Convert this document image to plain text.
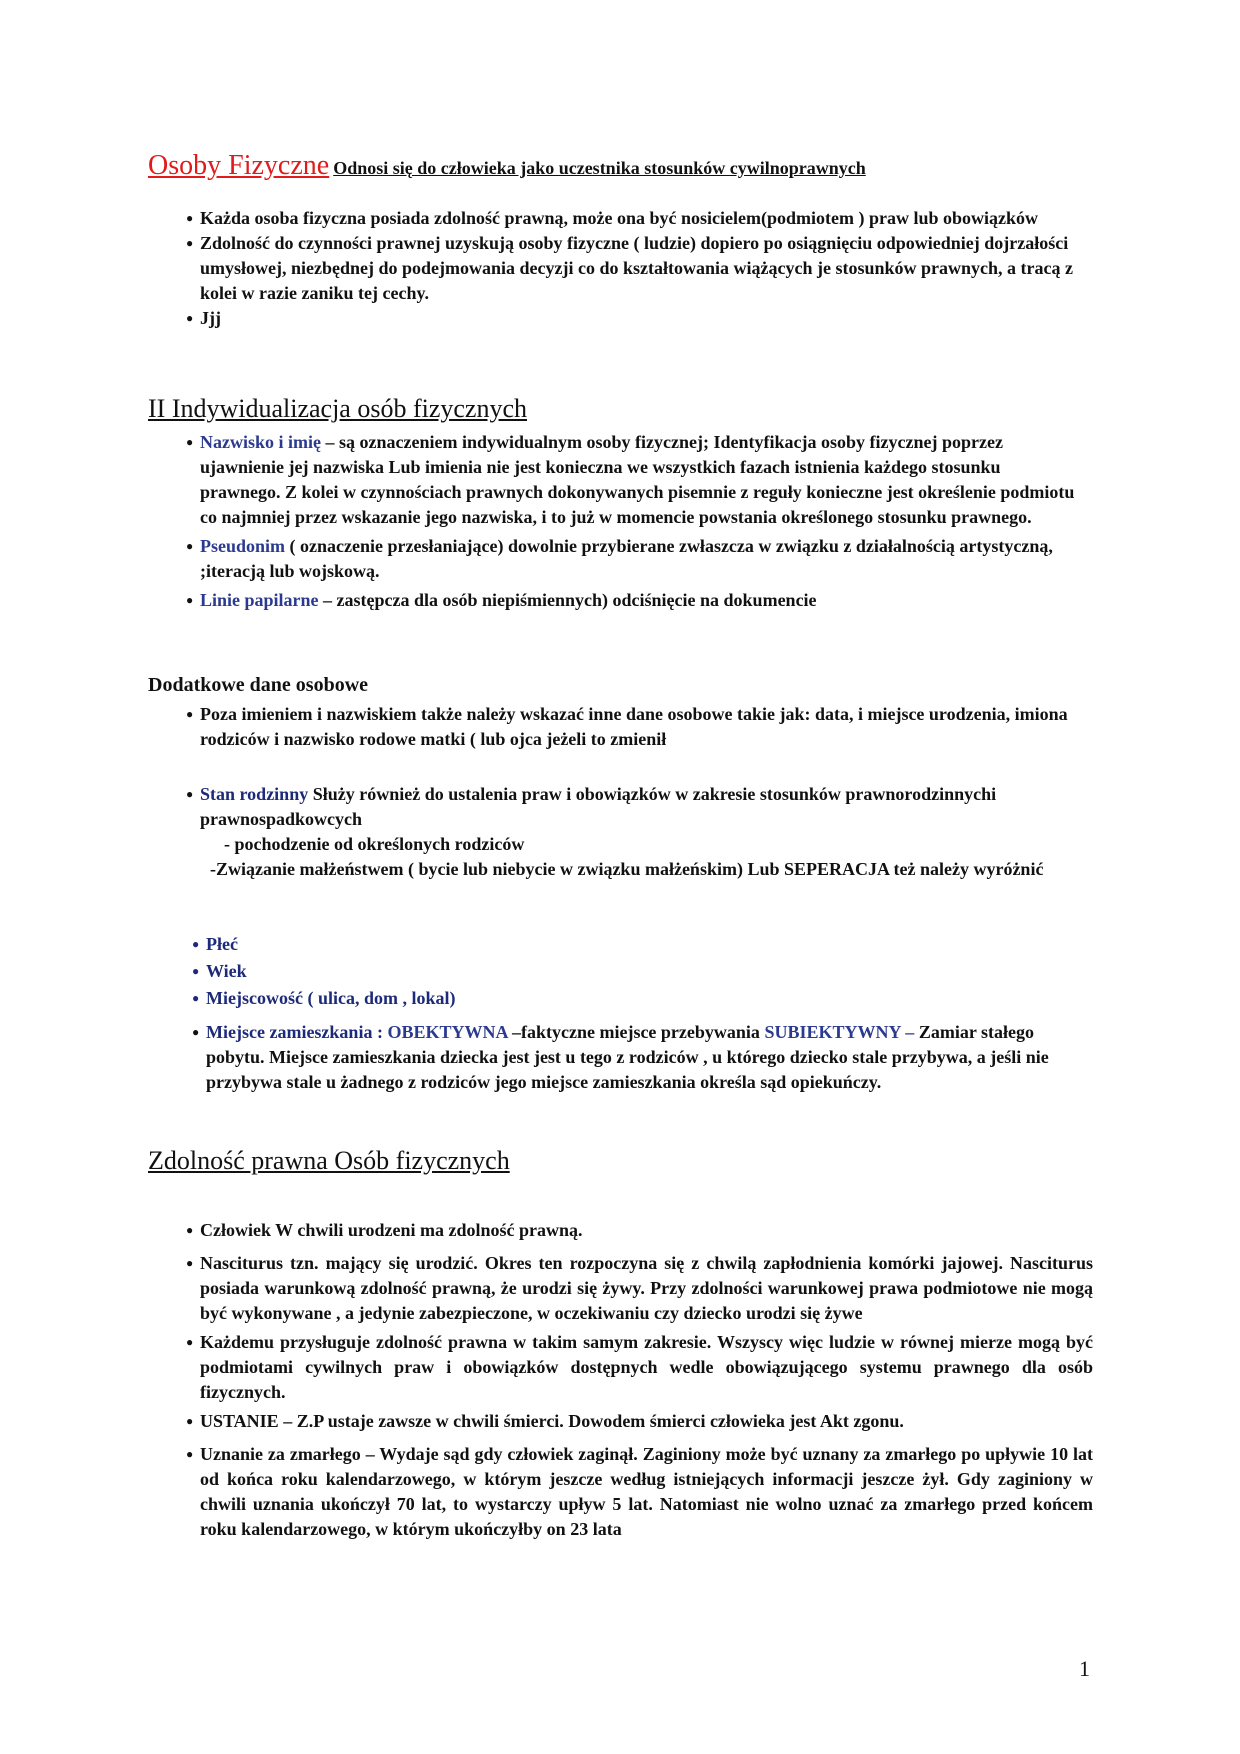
Osoby Fizyczne Odnosi się do człowieka jako uczestnika stosunków cywilnoprawnych
● Każda osoba fizyczna posiada zdolność prawną, może ona być nosicielem(podmiotem ) praw lub obowiązków
● Zdolność do czynności prawnej uzyskują osoby fizyczne ( ludzie) dopiero po osiągnięciu odpowiedniej dojrzałości umysłowej, niezbędnej do podejmowania decyzji co do kształtowania wiążących je stosunków prawnych, a tracą z kolei w razie zaniku tej cechy.
● Jjj
II Indywidualizacja osób fizycznych
● Nazwisko i imię – są oznaczeniem indywidualnym osoby fizycznej; Identyfikacja osoby fizycznej poprzez ujawnienie jej nazwiska Lub imienia nie jest konieczna we wszystkich fazach istnienia każdego stosunku prawnego. Z kolei w czynnościach prawnych dokonywanych pisemnie z reguły konieczne jest określenie podmiotu co najmniej przez wskazanie jego nazwiska, i to już w momencie powstania określonego stosunku prawnego.
● Pseudonim ( oznaczenie przesłaniające) dowolnie przybierane zwłaszcza w związku z działalnością artystyczną, ;iteracją lub wojskową.
● Linie papilarne – zastępcza dla osób niepiśmiennych) odciśnięcie na dokumencie
Dodatkowe dane osobowe
● Poza imieniem i nazwiskiem także należy wskazać inne dane osobowe takie jak: data, i miejsce urodzenia, imiona rodziców i nazwisko rodowe matki ( lub ojca jeżeli to zmienił
● Stan rodzinny Służy również do ustalenia praw i obowiązków w zakresie stosunków prawnorodzinnychi prawnospadkowcych
- pochodzenie od określonych rodziców
-Związanie małżeństwem ( bycie lub niebycie w związku małżeńskim) Lub SEPERACJA też należy wyróżnić
● Płeć
● Wiek
● Miejscowość ( ulica, dom , lokal)
● Miejsce zamieszkania : OBEKTYWNA –faktyczne miejsce przebywania SUBIEKTYWNY – Zamiar stałego pobytu. Miejsce zamieszkania dziecka jest jest u tego z rodziców , u którego dziecko stale przybywa, a jeśli nie przybywa stale u żadnego z rodziców jego miejsce zamieszkania określa sąd opiekuńczy.
Zdolność prawna Osób fizycznych
● Człowiek W chwili urodzeni ma zdolność prawną.
● Nasciturus tzn. mający się urodzić. Okres ten rozpoczyna się z chwilą zapłodnienia komórki jajowej. Nasciturus posiada warunkową zdolność prawną, że urodzi się żywy. Przy zdolności warunkowej prawa podmiotowe nie mogą być wykonywane , a jedynie zabezpieczone, w oczekiwaniu czy dziecko urodzi się żywe
● Każdemu przysługuje zdolność prawna w takim samym zakresie. Wszyscy więc ludzie w równej mierze mogą być podmiotami cywilnych praw i obowiązków dostępnych wedle obowiązującego systemu prawnego dla osób fizycznych.
● USTANIE – Z.P ustaje zawsze w chwili śmierci. Dowodem śmierci człowieka jest Akt zgonu.
● Uznanie za zmarłego – Wydaje sąd gdy człowiek zaginął. Zaginiony może być uznany za zmarłego po upływie 10 lat od końca roku kalendarzowego, w którym jeszcze według istniejących informacji jeszcze żył. Gdy zaginiony w chwili uznania ukończył 70 lat, to wystarczy upływ 5 lat. Natomiast nie wolno uznać za zmarłego przed końcem roku kalendarzowego, w którym ukończyłby on 23 lata
1
